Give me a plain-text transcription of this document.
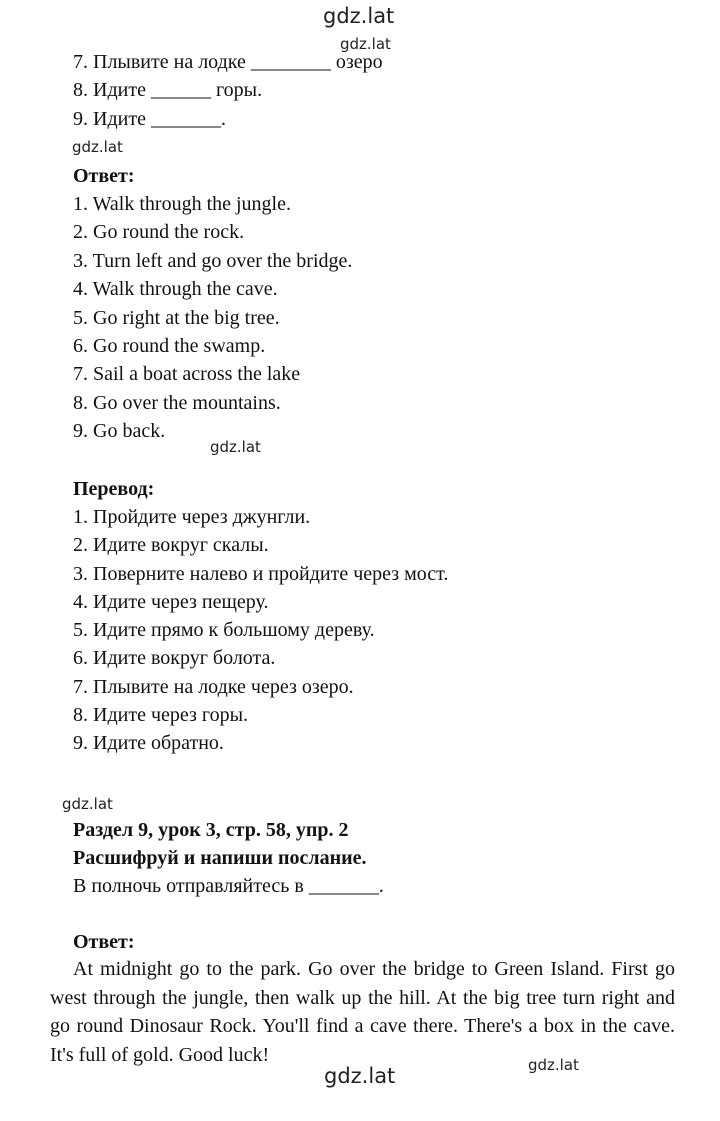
gdz.lat
gdz.lat
gdz.lat
gdz.lat
gdz.lat
gdz.lat
gdz.lat
7. Плывите на лодке ________ озеро
8. Идите ______ горы.
9. Идите _______.
Ответ:
1. Walk through the jungle.
2. Go round the rock.
3. Turn left and go over the bridge.
4. Walk through the cave.
5. Go right at the big tree.
6. Go round the swamp.
7. Sail a boat across the lake
8. Go over the mountains.
9. Go back.
Перевод:
1. Пройдите через джунгли.
2. Идите вокруг скалы.
3. Поверните налево и пройдите через мост.
4. Идите через пещеру.
5. Идите прямо к большому дереву.
6. Идите вокруг болота.
7. Плывите на лодке через озеро.
8. Идите через горы.
9. Идите обратно.
Раздел 9, урок 3, стр. 58, упр. 2
Расшифруй и напиши послание.
В полночь отправляйтесь в _______.
Ответ:

At midnight go to the park. Go over the bridge to Green Island. First go west through the jungle, then walk up the hill. At the big tree turn right and go round Dinosaur Rock. You'll find a cave there. There's a box in the cave. It's full of gold. Good luck!
